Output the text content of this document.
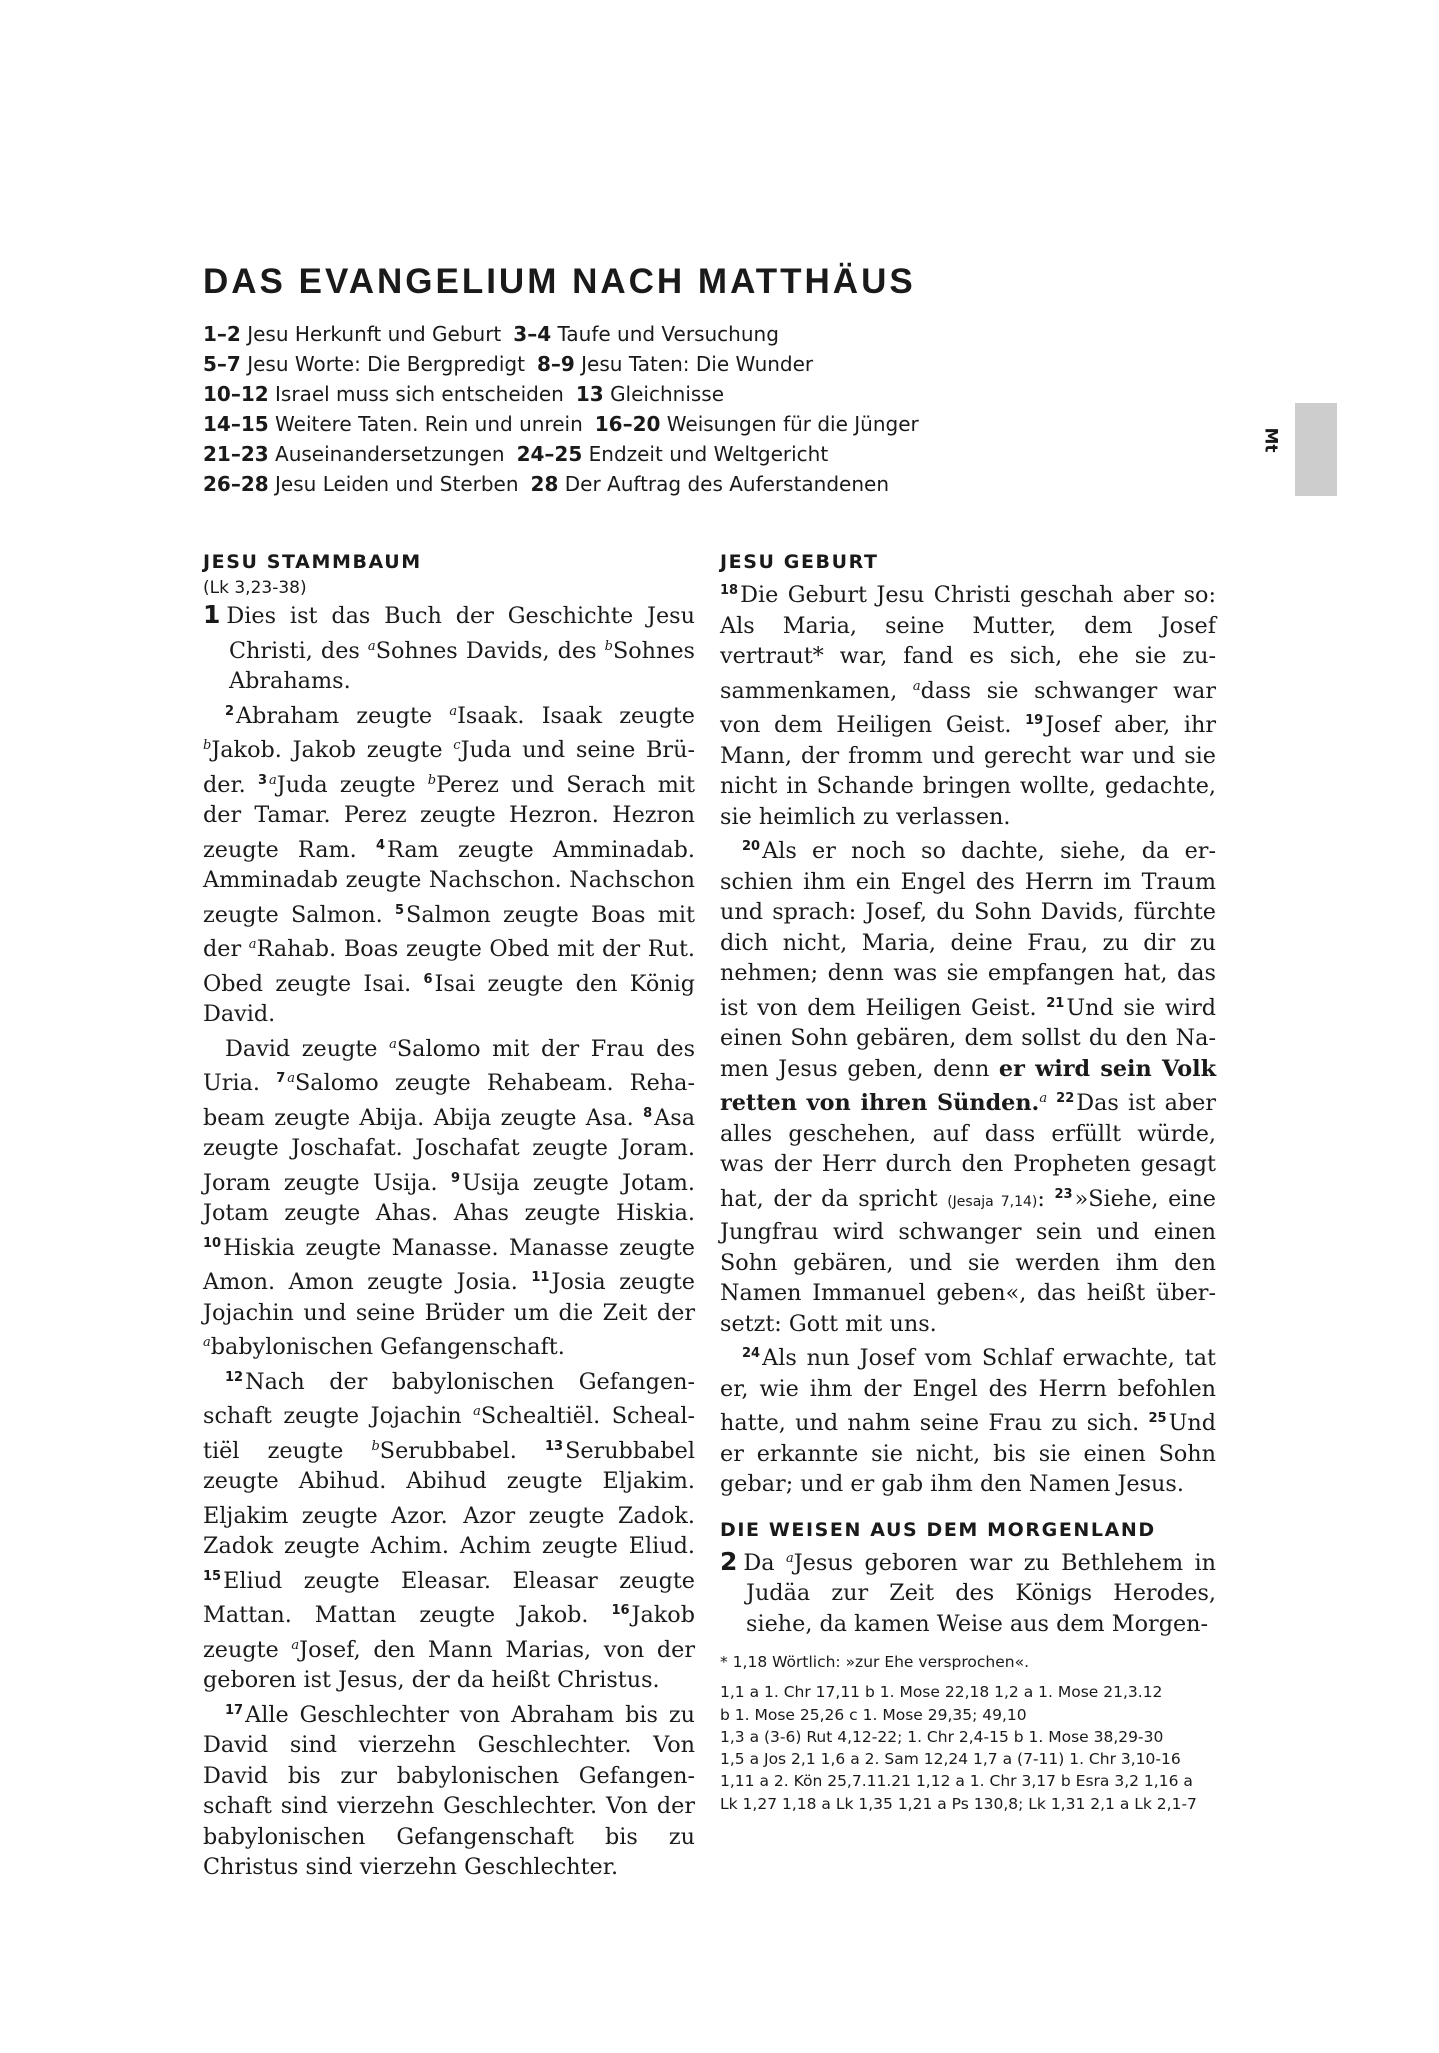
DAS EVANGELIUM NACH MATTHÄUS
1–2 Jesu Herkunft und Geburt 3–4 Taufe und Versuchung
5–7 Jesu Worte: Die Bergpredigt 8–9 Jesu Taten: Die Wunder
10–12 Israel muss sich entscheiden 13 Gleichnisse
14–15 Weitere Taten. Rein und unrein 16–20 Weisungen für die Jünger
21–23 Auseinandersetzungen 24–25 Endzeit und Weltgericht
26–28 Jesu Leiden und Sterben 28 Der Auftrag des Auferstandenen
Mt
JESU STAMMBAUM
(Lk 3,23-38)

1 Dies ist das Buch der Geschichte Jesu Christi, des $^a$Sohnes Davids, des $^b$Sohnes Abrahams.

$^2$Abraham zeugte $^a$Isaak. Isaak zeugte $^b$Jakob. Jakob zeugte $^c$Juda und seine Brüder. $^3$ $^a$Juda zeugte $^b$Perez und Serach mit der Tamar. Perez zeugte Hezron. Hezron zeugte Ram. $^4$Ram zeugte Amminadab. Amminadab zeugte Nachschon. Nachschon zeugte Salmon. $^5$Salmon zeugte Boas mit der $^a$Rahab. Boas zeugte Obed mit der Rut. Obed zeugte Isai. $^6$Isai zeugte den König David.

David zeugte $^a$Salomo mit der Frau des Uria. $^7$ $^a$Salomo zeugte Rehabeam. Rehabeam zeugte Abija. Abija zeugte Asa. $^8$Asa zeugte Joschafat. Joschafat zeugte Joram. Joram zeugte Usija. $^9$Usija zeugte Jotam. Jotam zeugte Ahas. Ahas zeugte Hiskia. $^{10}$Hiskia zeugte Manasse. Manasse zeugte Amon. Amon zeugte Josia. $^{11}$Josia zeugte Jojachin und seine Brüder um die Zeit der $^a$babylonischen Gefangenschaft.

$^{12}$Nach der babylonischen Gefangenschaft zeugte Jojachin $^a$Schealtiël. Schealtiël zeugte $^b$Serubbabel. $^{13}$Serubbabel zeugte Abihud. Abihud zeugte Eljakim. Eljakim zeugte Azor. Azor zeugte Zadok. Zadok zeugte Achim. Achim zeugte Eliud. $^{15}$Eliud zeugte Eleasar. Eleasar zeugte Mattan. Mattan zeugte Jakob. $^{16}$Jakob zeugte $^a$Josef, den Mann Marias, von der geboren ist Jesus, der da heißt Christus.

$^{17}$Alle Geschlechter von Abraham bis zu David sind vierzehn Geschlechter. Von David bis zur babylonischen Gefangenschaft sind vierzehn Geschlechter. Von der babylonischen Gefangenschaft bis zu Christus sind vierzehn Geschlechter.

JESU GEBURT

$^{18}$Die Geburt Jesu Christi geschah aber so: Als Maria, seine Mutter, dem Josef vertraut* war, fand es sich, ehe sie zusammenkamen, $^a$dass sie schwanger war von dem Heiligen Geist. $^{19}$Josef aber, ihr Mann, der fromm und gerecht war und sie nicht in Schande bringen wollte, gedachte, sie heimlich zu verlassen.

$^{20}$Als er noch so dachte, siehe, da erschien ihm ein Engel des Herrn im Traum und sprach: Josef, du Sohn Davids, fürchte dich nicht, Maria, deine Frau, zu dir zu nehmen; denn was sie empfangen hat, das ist von dem Heiligen Geist. $^{21}$Und sie wird einen Sohn gebären, dem sollst du den Namen Jesus geben, denn er wird sein Volk retten von ihren Sünden.$^a$ $^{22}$Das ist aber alles geschehen, auf dass erfüllt würde, was der Herr durch den Propheten gesagt hat, der da spricht (Jesaja 7,14): $^{23}$»Siehe, eine Jungfrau wird schwanger sein und einen Sohn gebären, und sie werden ihm den Namen Immanuel geben«, das heißt übersetzt: Gott mit uns.

$^{24}$Als nun Josef vom Schlaf erwachte, tat er, wie ihm der Engel des Herrn befohlen hatte, und nahm seine Frau zu sich. $^{25}$Und er erkannte sie nicht, bis sie einen Sohn gebar; und er gab ihm den Namen Jesus.

DIE WEISEN AUS DEM MORGENLAND

2 Da $^a$Jesus geboren war zu Bethlehem in Judäa zur Zeit des Königs Herodes, siehe, da kamen Weise aus dem Morgen-

* 1,18 Wörtlich: »zur Ehe versprochen«.
1,1 a 1. Chr 17,11 b 1. Mose 22,18 1,2 a 1. Mose 21,3.12
b 1. Mose 25,26 c 1. Mose 29,35; 49,10
1,3 a (3-6) Rut 4,12-22; 1. Chr 2,4-15 b 1. Mose 38,29-30
1,5 a Jos 2,1 1,6 a 2. Sam 12,24 1,7 a (7-11) 1. Chr 3,10-16
1,11 a 2. Kön 25,7.11.21 1,12 a 1. Chr 3,17 b Esra 3,2 1,16 a
Lk 1,27 1,18 a Lk 1,35 1,21 a Ps 130,8; Lk 1,31 2,1 a Lk 2,1-7
